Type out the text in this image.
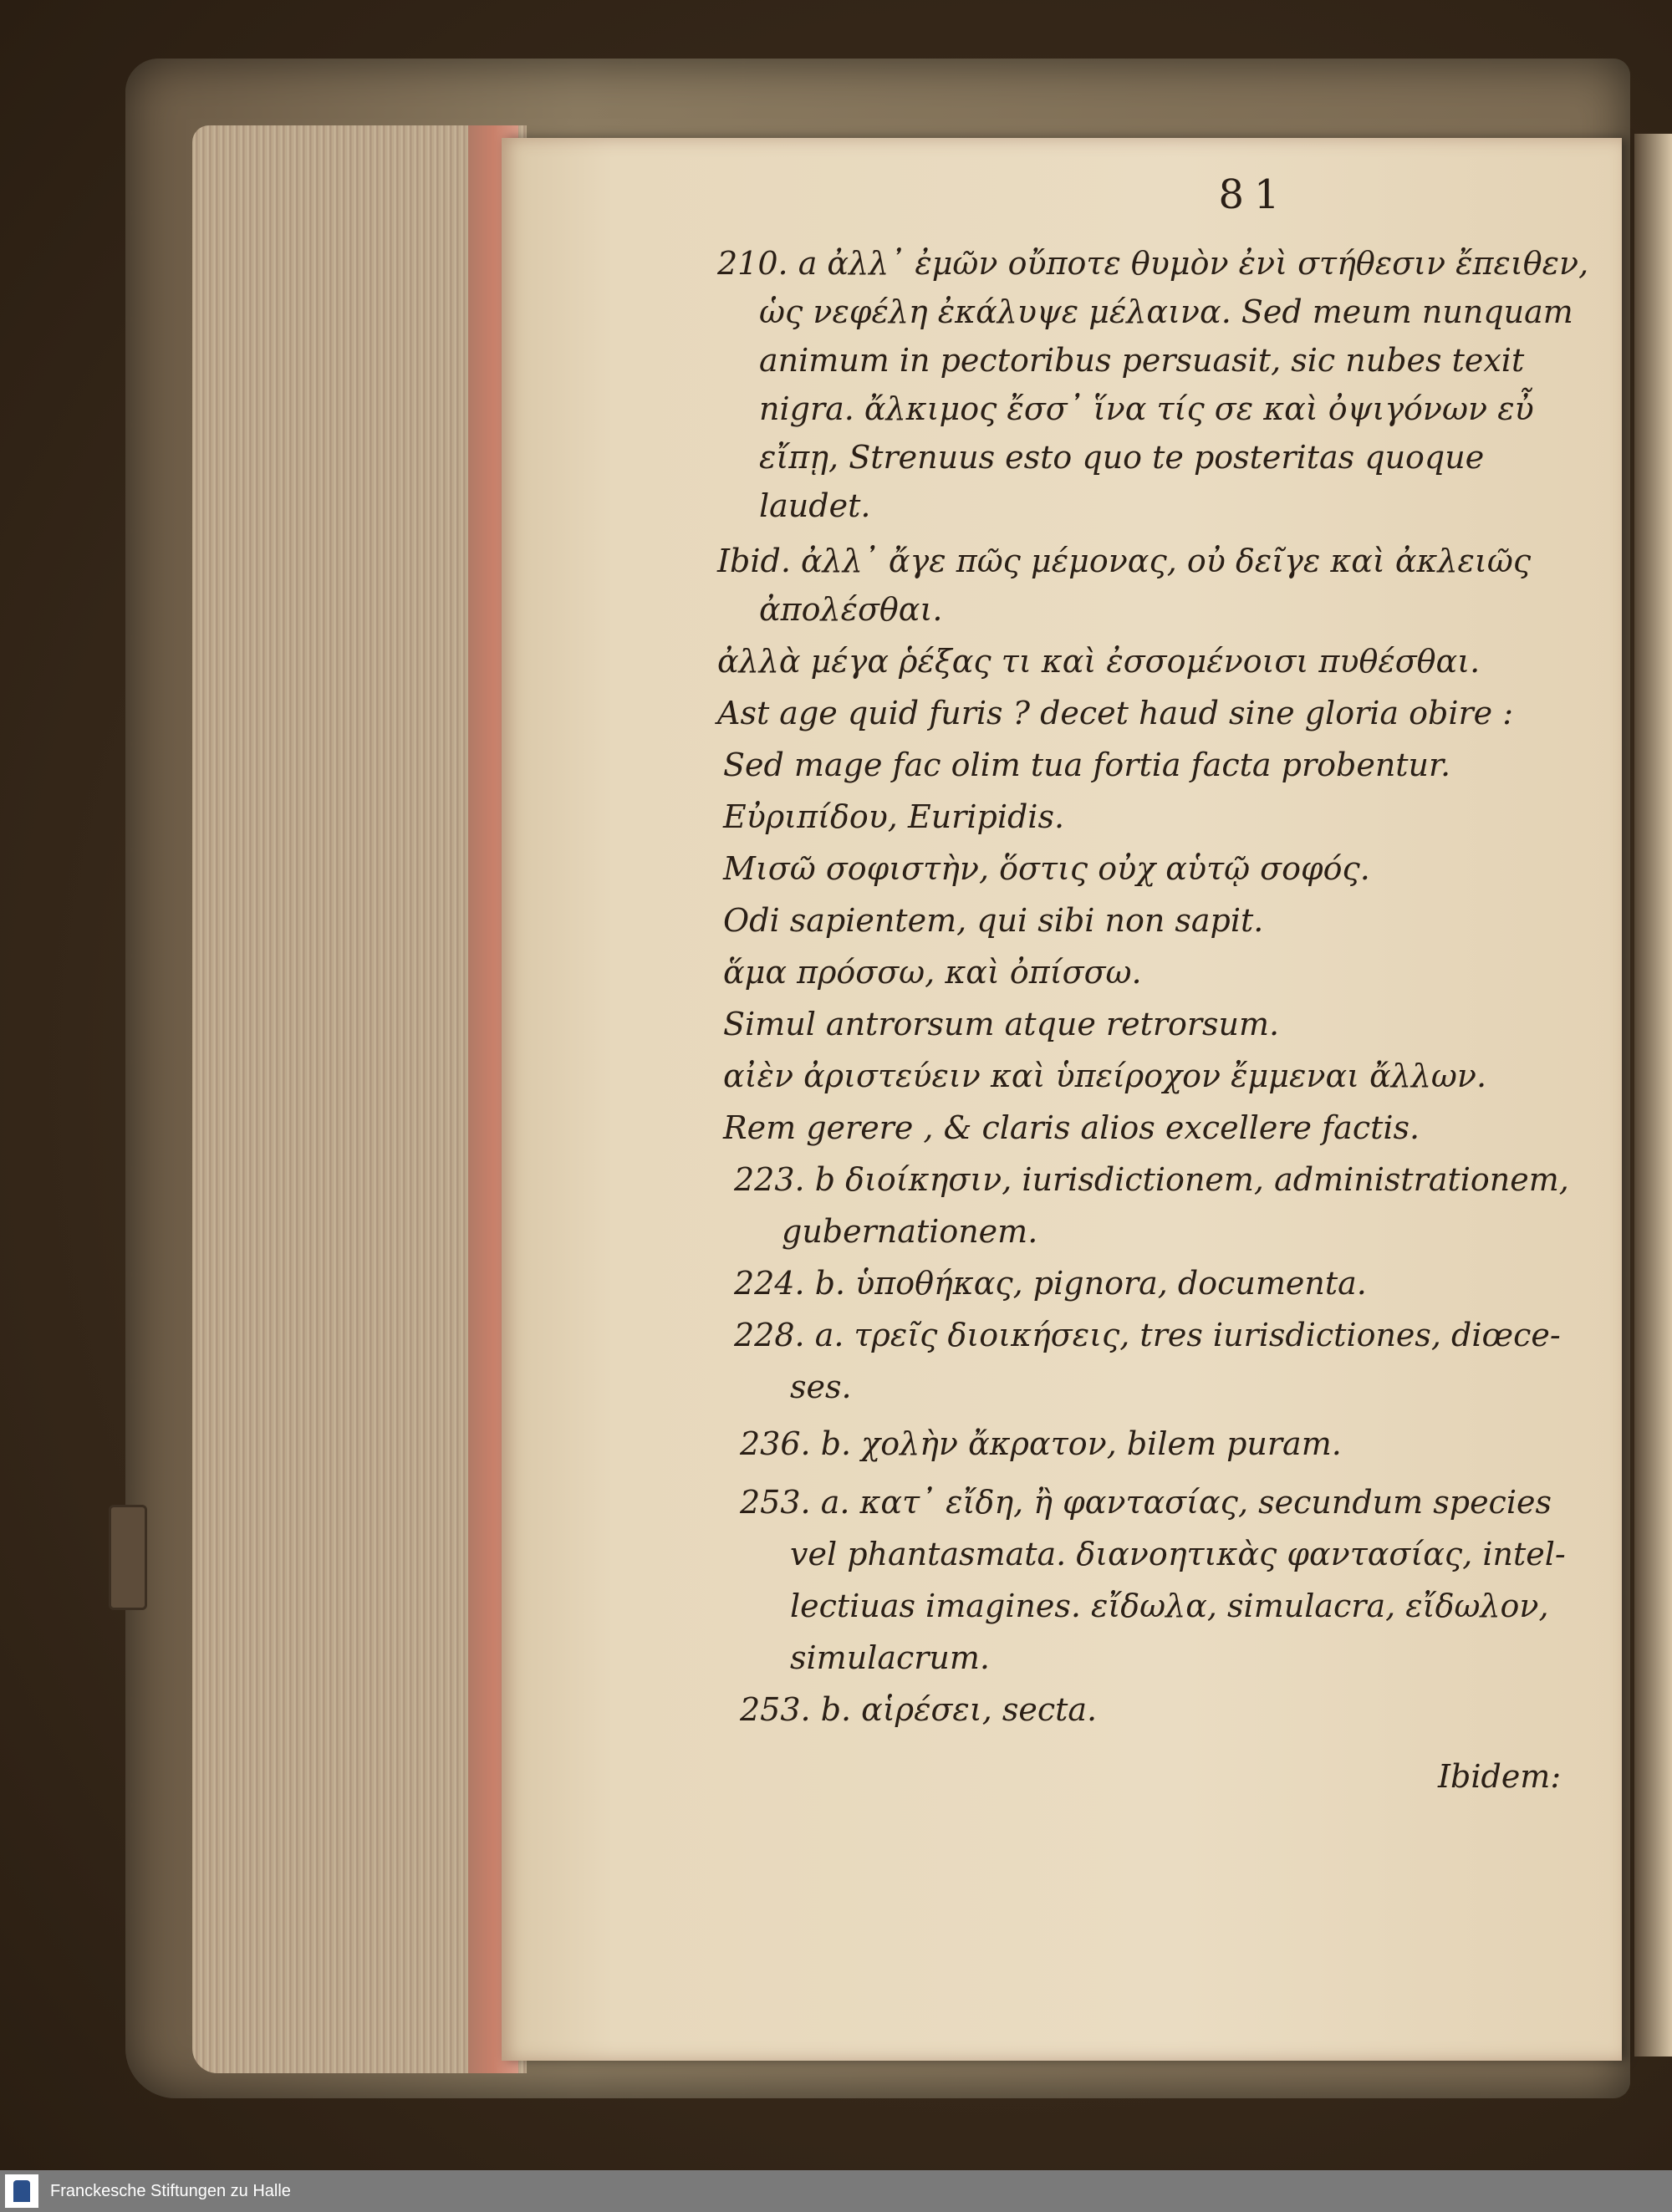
81
210. a ἀλλ᾽ ἐμῶν οὔποτε θυμὸν ἐνὶ στήθεσιν ἔπειθεν,
ὡς νεφέλη ἐκάλυψε μέλαινα. Sed meum nunquam
animum in pectoribus persuasit, sic nubes texit
nigra. ἄλκιμος ἔσσ᾽ ἵνα τίς σε καὶ ὀψιγόνων εὖ
εἴπῃ, Strenuus esto quo te posteritas quoque
laudet.
Ibid. ἀλλ᾽ ἄγε πῶς μέμονας, οὐ δεῖγε καὶ ἀκλειῶς
ἀπολέσθαι.
ἀλλὰ μέγα ῥέξας τι καὶ ἐσσομένοισι πυθέσθαι.
Ast age quid furis ? decet haud sine gloria obire :
Sed mage fac olim tua fortia facta probentur.
Εὐριπίδου, Euripidis.
Μισῶ σοφιστὴν, ὅστις οὐχ αὑτῷ σοφός.
Odi sapientem, qui sibi non sapit.
ἅμα πρόσσω, καὶ ὀπίσσω.
Simul antrorsum atque retrorsum.
αἰὲν ἀριστεύειν καὶ ὑπείροχον ἔμμεναι ἄλλων.
Rem gerere , & claris alios excellere factis.
223. b διοίκησιν, iurisdictionem, administrationem,
gubernationem.
224. b. ὑποθήκας, pignora, documenta.
228. a. τρεῖς διοικήσεις, tres iurisdictiones, diœce-
ses.
236. b. χολὴν ἄκρατον, bilem puram.
253. a. κατ᾽ εἴδη, ἢ φαντασίας, secundum species
vel phantasmata. διανοητικὰς φαντασίας, intel-
lectiuas imagines. εἴδωλα, simulacra, εἴδωλον,
simulacrum.
253. b. αἱρέσει, secta.
Ibidem:
Franckesche Stiftungen zu Halle
